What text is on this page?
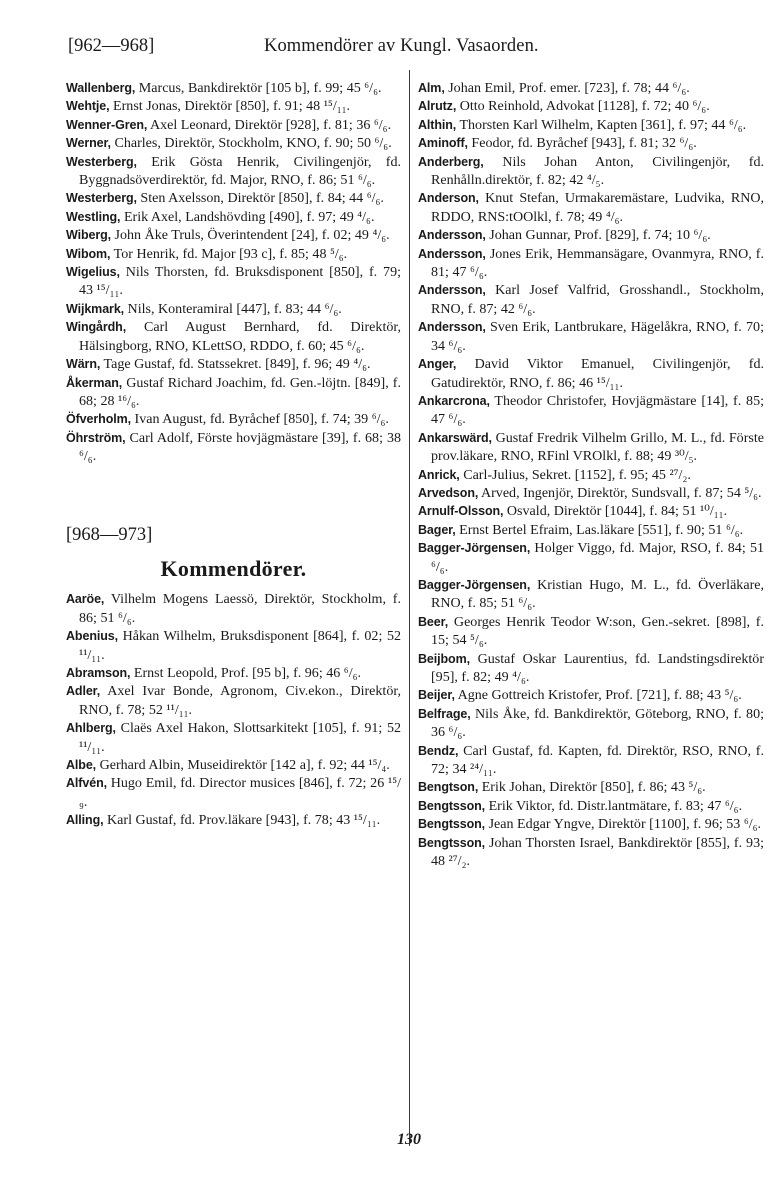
[962—968]	Kommendörer av Kungl. Vasaorden.
Wallenberg, Marcus, Bankdirektör [105 b], f. 99; 45 ⁶/₆.
Wehtje, Ernst Jonas, Direktör [850], f. 91; 48 ¹⁵/₁₁.
Wenner-Gren, Axel Leonard, Direktör [928], f. 81; 36 ⁶/₆.
Werner, Charles, Direktör, Stockholm, KNO, f. 90; 50 ⁶/₆.
Westerberg, Erik Gösta Henrik, Civilingenjör, fd. Byggnadsöverdirektör, fd. Major, RNO, f. 86; 51 ⁶/₆.
Westerberg, Sten Axelsson, Direktör [850], f. 84; 44 ⁶/₆.
Westling, Erik Axel, Landshövding [490], f. 97; 49 ⁴/₆.
Wiberg, John Åke Truls, Överintendent [24], f. 02; 49 ⁴/₆.
Wibom, Tor Henrik, fd. Major [93 c], f. 85; 48 ⁵/₆.
Wigelius, Nils Thorsten, fd. Bruksdisponent [850], f. 79; 43 ¹⁵/₁₁.
Wijkmark, Nils, Konteramiral [447], f. 83; 44 ⁶/₆.
Wingårdh, Carl August Bernhard, fd. Direktör, Hälsingborg, RNO, KLettSO, RDDO, f. 60; 45 ⁶/₆.
Wärn, Tage Gustaf, fd. Statssekret. [849], f. 96; 49 ⁴/₆.
Åkerman, Gustaf Richard Joachim, fd. Gen.-löjtn. [849], f. 68; 28 ¹⁶/₆.
Öfverholm, Ivan August, fd. Byråchef [850], f. 74; 39 ⁶/₆.
Öhrström, Carl Adolf, Förste hovjägmästare [39], f. 68; 38 ⁶/₆.
[968—973]
Kommendörer.
Aaröe, Vilhelm Mogens Laessö, Direktör, Stockholm, f. 86; 51 ⁶/₆.
Abenius, Håkan Wilhelm, Bruksdisponent [864], f. 02; 52 ¹¹/₁₁.
Abramson, Ernst Leopold, Prof. [95 b], f. 96; 46 ⁶/₆.
Adler, Axel Ivar Bonde, Agronom, Civ.ekon., Direktör, RNO, f. 78; 52 ¹¹/₁₁.
Ahlberg, Claës Axel Hakon, Slottsarkitekt [105], f. 91; 52 ¹¹/₁₁.
Albe, Gerhard Albin, Museidirektör [142 a], f. 92; 44 ¹⁵/₄.
Alfvén, Hugo Emil, fd. Director musices [846], f. 72; 26 ¹⁵/₉.
Alling, Karl Gustaf, fd. Prov.läkare [943], f. 78; 43 ¹⁵/₁₁.
Alm, Johan Emil, Prof. emer. [723], f. 78; 44 ⁶/₆.
Alrutz, Otto Reinhold, Advokat [1128], f. 72; 40 ⁶/₆.
Althin, Thorsten Karl Wilhelm, Kapten [361], f. 97; 44 ⁶/₆.
Aminoff, Feodor, fd. Byråchef [943], f. 81; 32 ⁶/₆.
Anderberg, Nils Johan Anton, Civilingenjör, fd. Renhålln.direktör, f. 82; 42 ⁴/₅.
Anderson, Knut Stefan, Urmakaremästare, Ludvika, RNO, RDDO, RNS:tOOlkl, f. 78; 49 ⁴/₆.
Andersson, Johan Gunnar, Prof. [829], f. 74; 10 ⁶/₆.
Andersson, Jones Erik, Hemmansägare, Ovanmyra, RNO, f. 81; 47 ⁶/₆.
Andersson, Karl Josef Valfrid, Grosshandl., Stockholm, RNO, f. 87; 42 ⁶/₆.
Andersson, Sven Erik, Lantbrukare, Hägelåkra, RNO, f. 70; 34 ⁶/₆.
Anger, David Viktor Emanuel, Civilingenjör, fd. Gatudirektör, RNO, f. 86; 46 ¹⁵/₁₁.
Ankarcrona, Theodor Christofer, Hovjägmästare [14], f. 85; 47 ⁶/₆.
Ankarswärd, Gustaf Fredrik Vilhelm Grillo, M. L., fd. Förste prov.läkare, RNO, RFinl VROlkl, f. 88; 49 ³⁰/₅.
Anrick, Carl-Julius, Sekret. [1152], f. 95; 45 ²⁷/₂.
Arvedson, Arved, Ingenjör, Direktör, Sundsvall, f. 87; 54 ⁵/₆.
Arnulf-Olsson, Osvald, Direktör [1044], f. 84; 51 ¹⁰/₁₁.
Bager, Ernst Bertel Efraim, Las.läkare [551], f. 90; 51 ⁶/₆.
Bagger-Jörgensen, Holger Viggo, fd. Major, RSO, f. 84; 51 ⁶/₆.
Bagger-Jörgensen, Kristian Hugo, M. L., fd. Överläkare, RNO, f. 85; 51 ⁶/₆.
Beer, Georges Henrik Teodor W:son, Gen.-sekret. [898], f. 15; 54 ⁵/₆.
Beijbom, Gustaf Oskar Laurentius, fd. Landstingsdirektör [95], f. 82; 49 ⁴/₆.
Beijer, Agne Gottreich Kristofer, Prof. [721], f. 88; 43 ⁵/₆.
Belfrage, Nils Åke, fd. Bankdirektör, Göteborg, RNO, f. 80; 36 ⁶/₆.
Bendz, Carl Gustaf, fd. Kapten, fd. Direktör, RSO, RNO, f. 72; 34 ²⁴/₁₁.
Bengtson, Erik Johan, Direktör [850], f. 86; 43 ⁵/₆.
Bengtsson, Erik Viktor, fd. Distr.lantmätare, f. 83; 47 ⁶/₆.
Bengtsson, Jean Edgar Yngve, Direktör [1100], f. 96; 53 ⁶/₆.
Bengtsson, Johan Thorsten Israel, Bankdirektör [855], f. 93; 48 ²⁷/₂.
130
